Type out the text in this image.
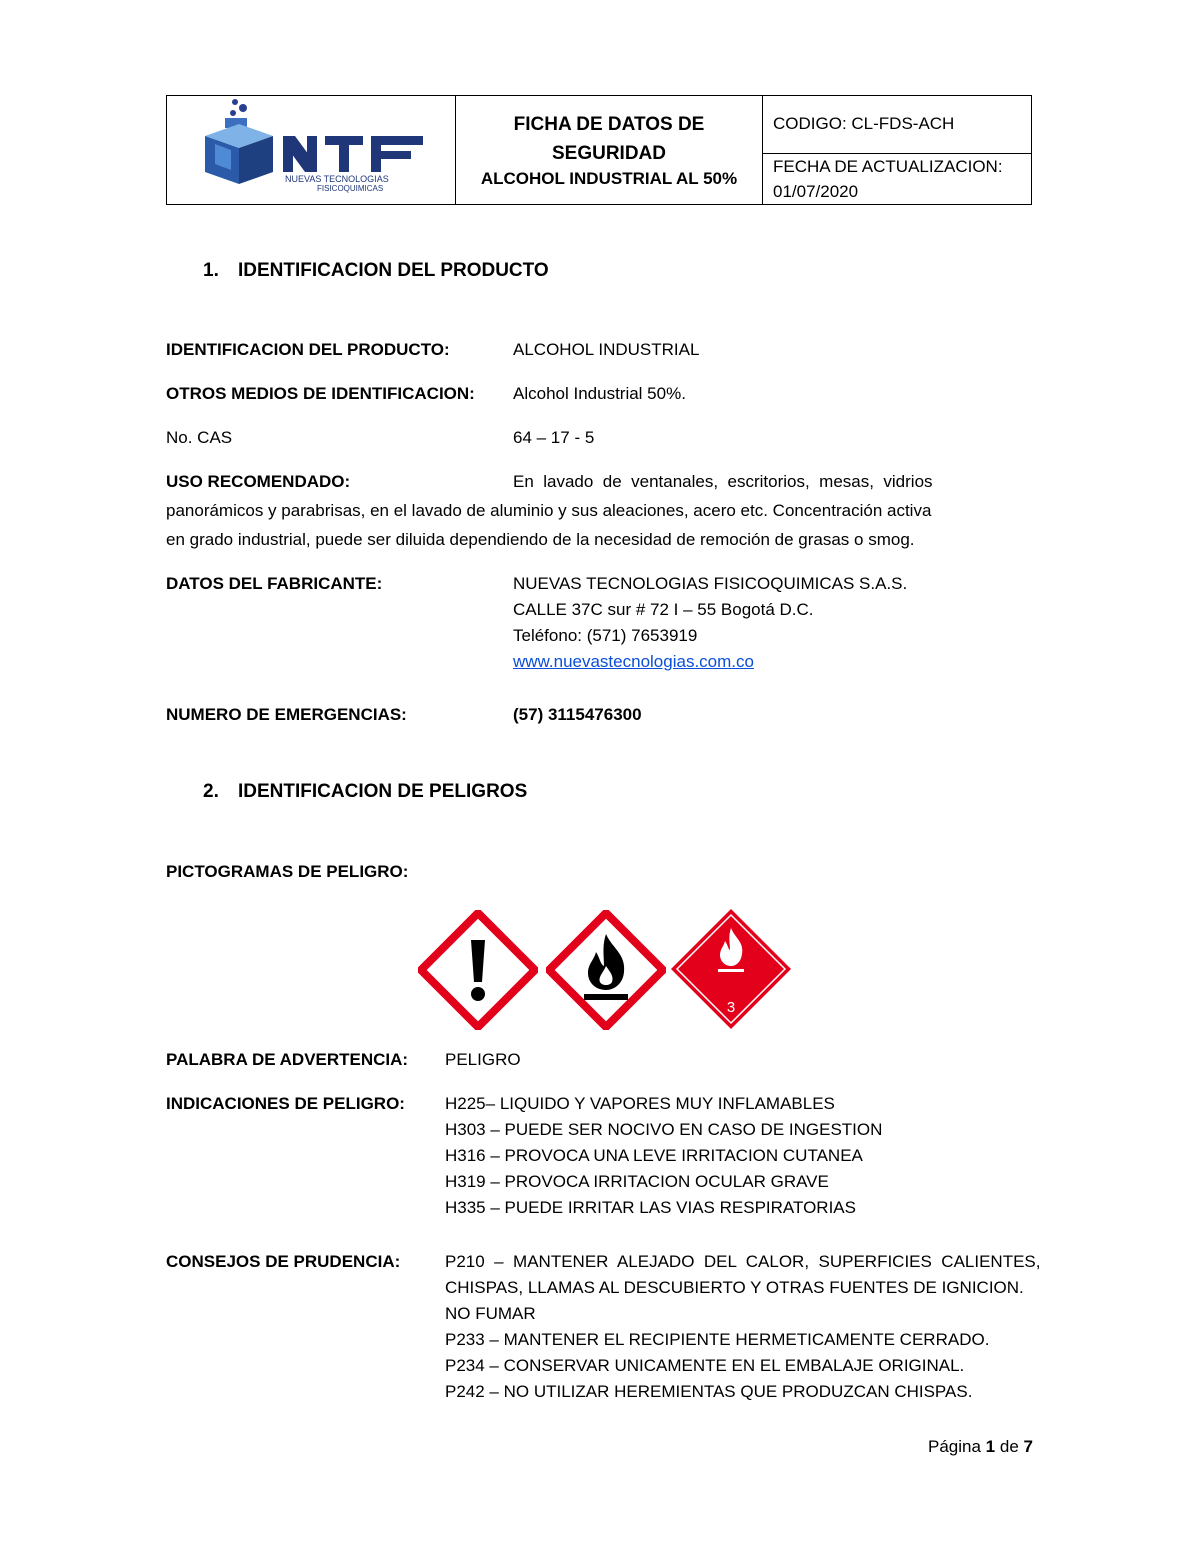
NUEVAS TECNOLOGIAS
FISICOQUIMICAS
FICHA DE DATOS DE
SEGURIDAD
ALCOHOL INDUSTRIAL AL 50%
CODIGO: CL-FDS-ACH
FECHA DE ACTUALIZACION:
01/07/2020
1. IDENTIFICACION DEL PRODUCTO
IDENTIFICACION DEL PRODUCTO:	ALCOHOL INDUSTRIAL
OTROS MEDIOS DE IDENTIFICACION: Alcohol Industrial 50%.
No. CAS	64 – 17 - 5
USO RECOMENDADO:	En  lavado  de  ventanales,  escritorios,  mesas,  vidrios
panorámicos y parabrisas, en el lavado de aluminio y sus aleaciones, acero etc. Concentración activa
en grado industrial, puede ser diluida dependiendo de la necesidad de remoción de grasas o smog.
DATOS DEL FABRICANTE:	NUEVAS TECNOLOGIAS FISICOQUIMICAS S.A.S.
CALLE 37C sur # 72 I – 55 Bogotá D.C.
Teléfono: (571) 7653919
www.nuevastecnologias.com.co
NUMERO DE EMERGENCIAS:	(57) 3115476300
2. IDENTIFICACION DE PELIGROS
PICTOGRAMAS DE PELIGRO:
3
PALABRA DE ADVERTENCIA: PELIGRO
INDICACIONES DE PELIGRO: H225– LIQUIDO Y VAPORES MUY INFLAMABLES
H303 – PUEDE SER NOCIVO EN CASO DE INGESTION
H316 – PROVOCA UNA LEVE IRRITACION CUTANEA
H319 – PROVOCA IRRITACION OCULAR GRAVE
H335 – PUEDE IRRITAR LAS VIAS RESPIRATORIAS
CONSEJOS DE PRUDENCIA:	P210  –  MANTENER  ALEJADO  DEL  CALOR,  SUPERFICIES  CALIENTES,
CHISPAS, LLAMAS AL DESCUBIERTO Y OTRAS FUENTES DE IGNICION.
NO FUMAR
P233 – MANTENER EL RECIPIENTE HERMETICAMENTE CERRADO.
P234 – CONSERVAR UNICAMENTE EN EL EMBALAJE ORIGINAL.
P242 – NO UTILIZAR HEREMIENTAS QUE PRODUZCAN CHISPAS.
Página 1 de 7
